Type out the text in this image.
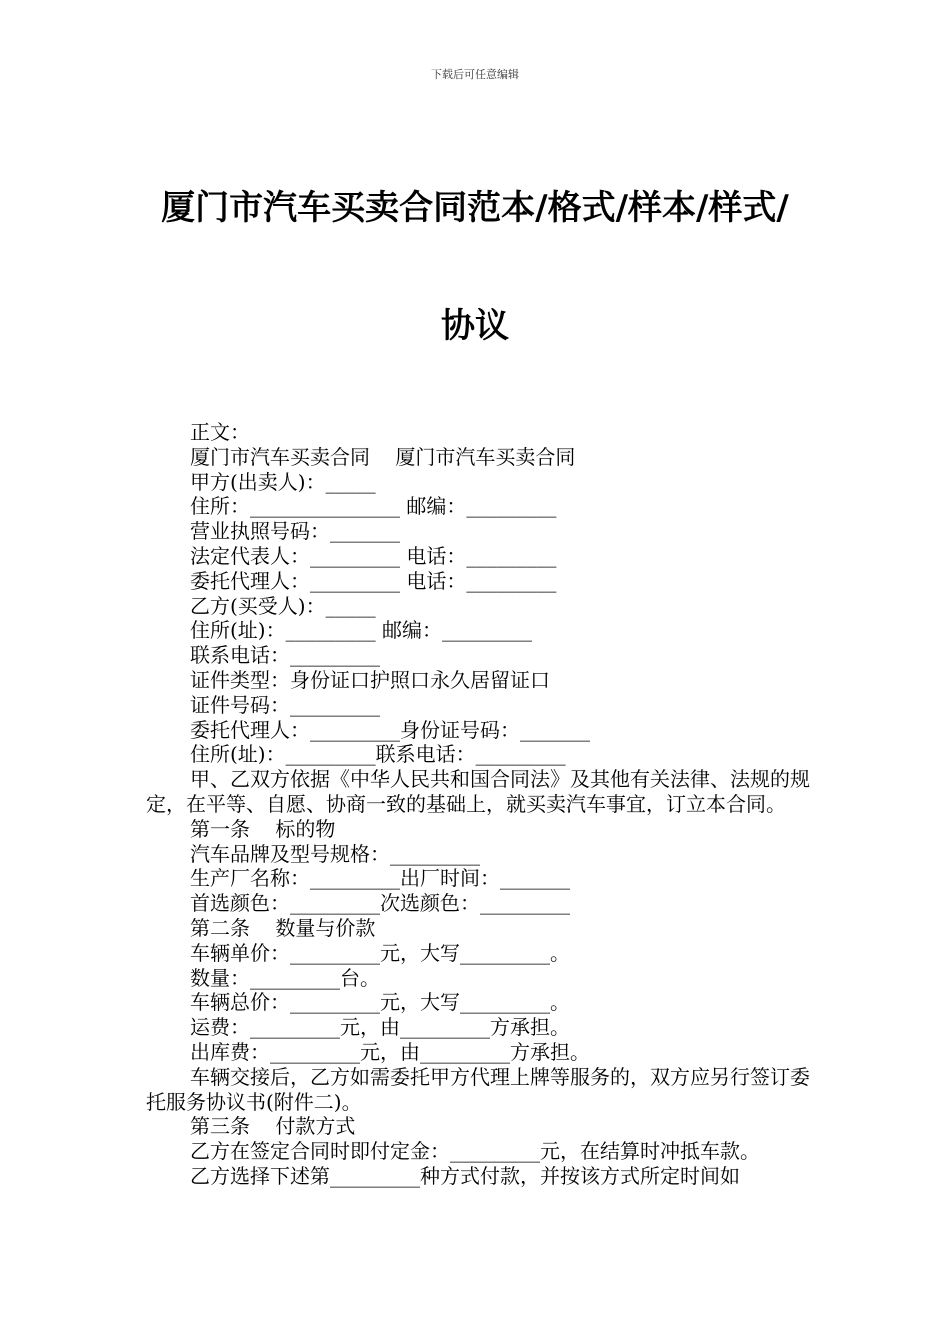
下载后可任意编辑
厦门市汽车买卖合同范本/格式/样本/样式/
协议
正文：
厦门市汽车买卖合同    厦门市汽车买卖合同
甲方(出卖人)：_____
住所：_______________ 邮编：_________
营业执照号码：_______
法定代表人：_________ 电话：_________
委托代理人：_________ 电话：_________
乙方(买受人)：_____
住所(址)：_________ 邮编：_________
联系电话：_________
证件类型：身份证口护照口永久居留证口
证件号码：_________
委托代理人：_________身份证号码：_______
住所(址)：_________联系电话：_________
甲、乙双方依据《中华人民共和国合同法》及其他有关法律、法规的规定，在平等、自愿、协商一致的基础上，就买卖汽车事宜，订立本合同。
第一条    标的物
汽车品牌及型号规格：_________
生产厂名称：_________出厂时间：_______
首选颜色：_________次选颜色：_________
第二条    数量与价款
车辆单价：_________元，大写_________。
数量：_________台。
车辆总价：_________元，大写_________。
运费：_________元，由_________方承担。
出库费：_________元，由_________方承担。
车辆交接后，乙方如需委托甲方代理上牌等服务的，双方应另行签订委托服务协议书(附件二)。
第三条    付款方式
乙方在签定合同时即付定金：_________元，在结算时冲抵车款。
乙方选择下述第_________种方式付款，并按该方式所定时间如
